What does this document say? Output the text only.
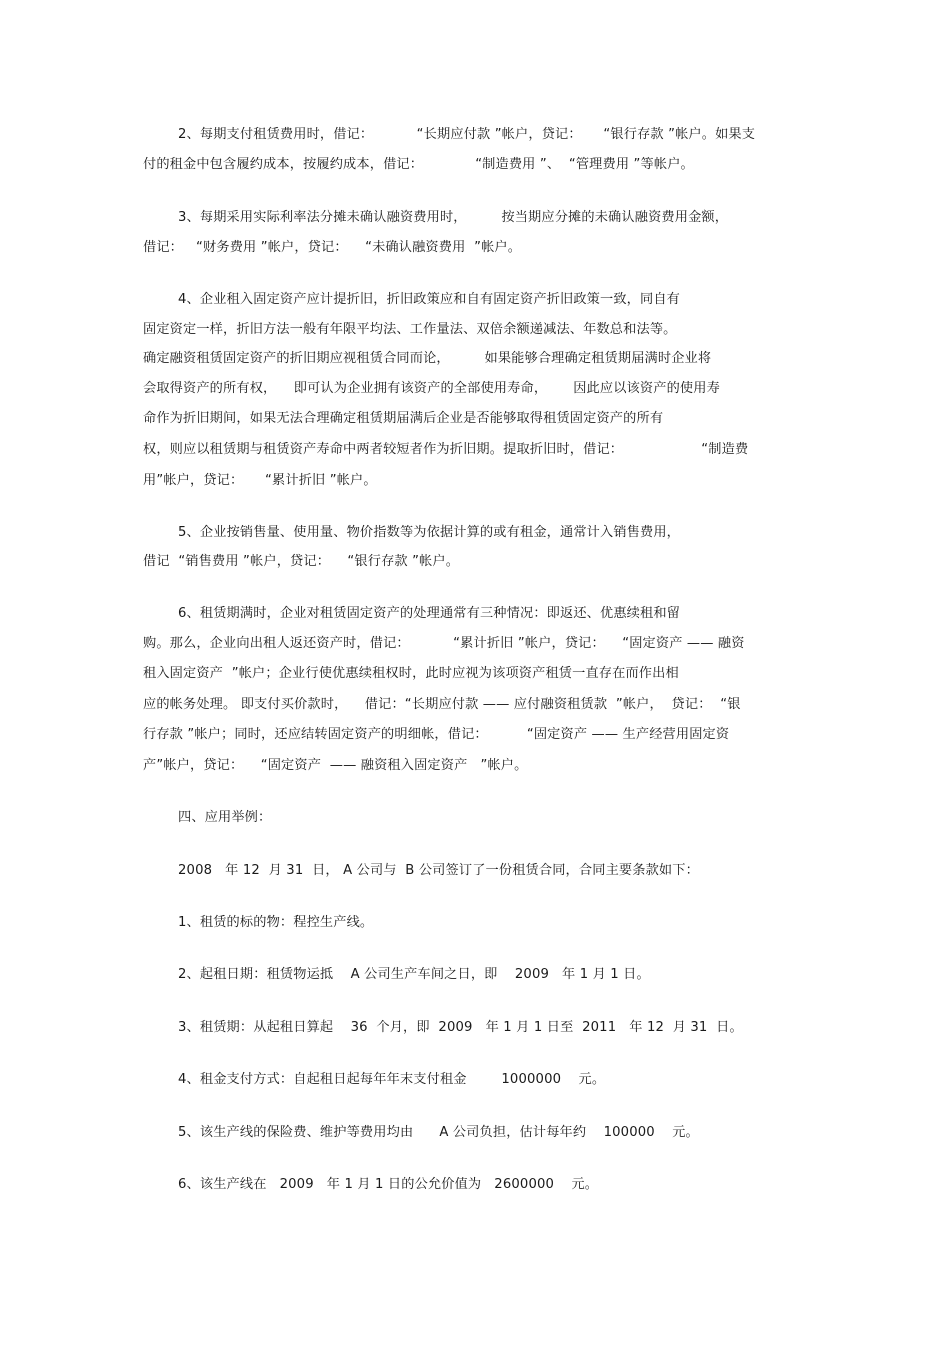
2、每期支付租赁费用时，借记：          “长期应付款 ”帐户，贷记：     “银行存款 ”帐户。如果支
付的租金中包含履约成本，按履约成本，借记：            “制造费用 ”、  “管理费用 ”等帐户。
3、每期采用实际利率法分摊未确认融资费用时，        按当期应分摊的未确认融资费用金额，
借记：   “财务费用 ”帐户，贷记：    “未确认融资费用  ”帐户。
4、企业租入固定资产应计提折旧，折旧政策应和自有固定资产折旧政策一致，同自有
固定资定一样，折旧方法一般有年限平均法、工作量法、双倍余额递减法、年数总和法等。
确定融资租赁固定资产的折旧期应视租赁合同而论，        如果能够合理确定租赁期届满时企业将
会取得资产的所有权，    即可认为企业拥有该资产的全部使用寿命，      因此应以该资产的使用寿
命作为折旧期间，如果无法合理确定租赁期届满后企业是否能够取得租赁固定资产的所有
权，则应以租赁期与租赁资产寿命中两者较短者作为折旧期。提取折旧时，借记：                  “制造费
用”帐户，贷记：     “累计折旧 ”帐户。
5、企业按销售量、使用量、物价指数等为依据计算的或有租金，通常计入销售费用，
借记  “销售费用 ”帐户，贷记：    “银行存款 ”帐户。
6、租赁期满时，企业对租赁固定资产的处理通常有三种情况：即返还、优惠续租和留
购。那么，企业向出租人返还资产时，借记：          “累计折旧 ”帐户，贷记：    “固定资产 —— 融资
租入固定资产  ”帐户；企业行使优惠续租权时，此时应视为该项资产租赁一直存在而作出相
应的帐务处理。 即支付买价款时，    借记：“长期应付款 —— 应付融资租赁款  ”帐户，  贷记：  “银
行存款 ”帐户；同时，还应结转固定资产的明细帐，借记：         “固定资产 —— 生产经营用固定资
产”帐户，贷记：    “固定资产  —— 融资租入固定资产   ”帐户。
四、应用举例：
2008   年 12  月 31  日， A 公司与  B 公司签订了一份租赁合同，合同主要条款如下：
1、租赁的标的物：程控生产线。
2、起租日期：租赁物运抵    A 公司生产车间之日，即    2009   年 1 月 1 日。
3、租赁期：从起租日算起    36  个月，即  2009   年 1 月 1 日至  2011   年 12  月 31  日。
4、租金支付方式：自起租日起每年年末支付租金        1000000    元。
5、该生产线的保险费、维护等费用均由      A 公司负担，估计每年约    100000    元。
6、该生产线在   2009   年 1 月 1 日的公允价值为   2600000    元。
